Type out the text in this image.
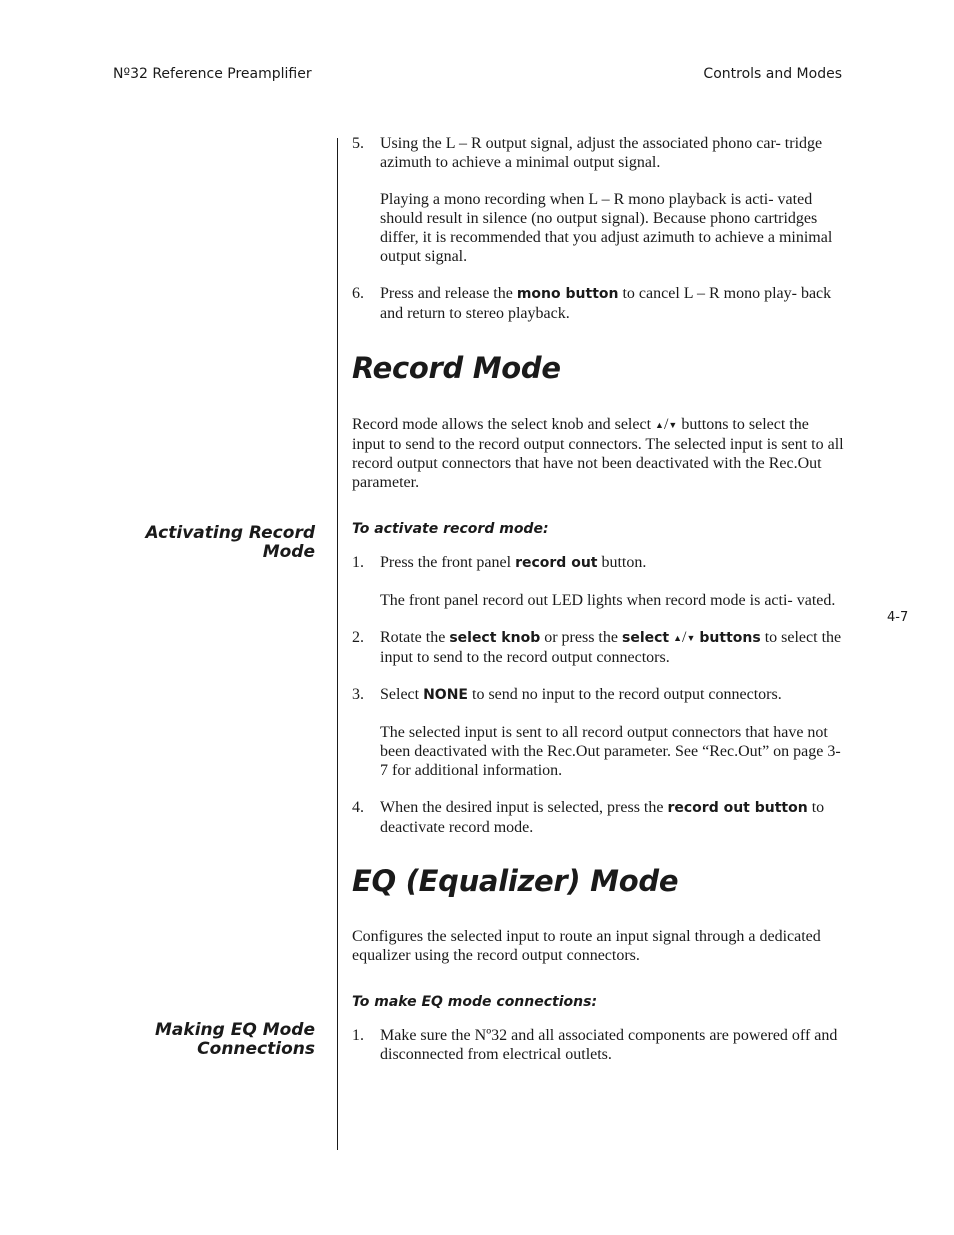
Nº32 Reference Preamplifier	Controls and Modes
Activating Record
Mode
Making EQ Mode
Connections
4-7
5. Using the L – R output signal, adjust the associated phono car- tridge azimuth to achieve a minimal output signal.

Playing a mono recording when L – R mono playback is acti- vated should result in silence (no output signal). Because phono cartridges differ, it is recommended that you adjust azimuth to achieve a minimal output signal.

6. Press and release the mono button to cancel L – R mono play- back and return to stereo playback.

Record Mode

Record mode allows the select knob and select ▲/▼ buttons to select the input to send to the record output connectors. The selected input is sent to all record output connectors that have not been deactivated with the Rec.Out parameter.

To activate record mode:

1. Press the front panel record out button.

The front panel record out LED lights when record mode is acti- vated.

2. Rotate the select knob or press the select ▲/▼ buttons to select the input to send to the record output connectors.

3. Select NONE to send no input to the record output connectors.

The selected input is sent to all record output connectors that have not been deactivated with the Rec.Out parameter. See “Rec.Out” on page 3-7 for additional information.

4. When the desired input is selected, press the record out button to deactivate record mode.

EQ (Equalizer) Mode

Configures the selected input to route an input signal through a dedicated equalizer using the record output connectors.

To make EQ mode connections:

1. Make sure the Nº32 and all associated components are powered off and disconnected from electrical outlets.
